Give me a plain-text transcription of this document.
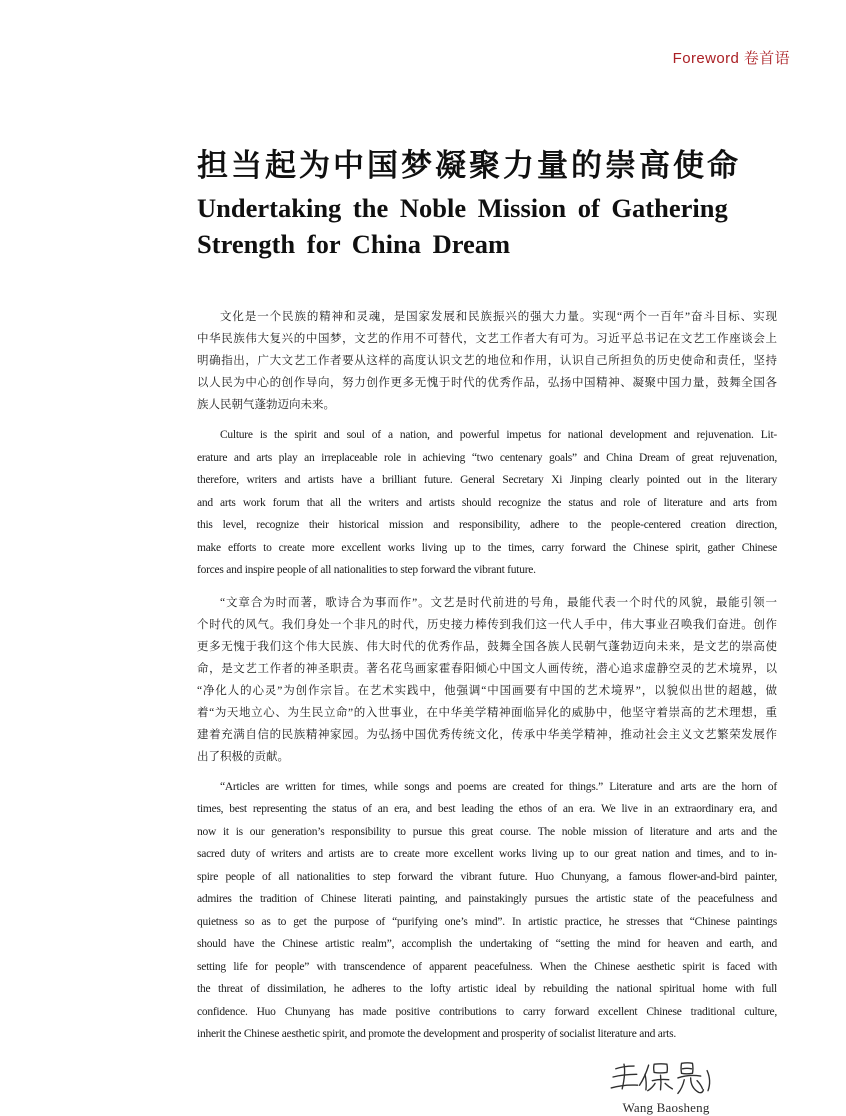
Foreword 卷首语
担当起为中国梦凝聚力量的崇高使命
Undertaking the Noble Mission of Gathering
Strength for China Dream
文化是一个民族的精神和灵魂，是国家发展和民族振兴的强大力量。实现“两个一百年”奋斗目标、实现
中华民族伟大复兴的中国梦，文艺的作用不可替代，文艺工作者大有可为。习近平总书记在文艺工作座谈会上
明确指出，广大文艺工作者要从这样的高度认识文艺的地位和作用，认识自己所担负的历史使命和责任，坚持
以人民为中心的创作导向，努力创作更多无愧于时代的优秀作品，弘扬中国精神、凝聚中国力量，鼓舞全国各
族人民朝气蓬勃迈向未来。
Culture is the spirit and soul of a nation, and powerful impetus for national development and rejuvenation. Lit-
erature and arts play an irreplaceable role in achieving “two centenary goals” and China Dream of great rejuvenation,
therefore, writers and artists have a brilliant future. General Secretary Xi Jinping clearly pointed out in the literary
and arts work forum that all the writers and artists should recognize the status and role of literature and arts from
this level, recognize their historical mission and responsibility, adhere to the people-centered creation direction,
make efforts to create more excellent works living up to the times, carry forward the Chinese spirit, gather Chinese
forces and inspire people of all nationalities to step forward the vibrant future.
“文章合为时而著，歌诗合为事而作”。文艺是时代前进的号角，最能代表一个时代的风貌，最能引领一
个时代的风气。我们身处一个非凡的时代，历史接力棒传到我们这一代人手中，伟大事业召唤我们奋进。创作
更多无愧于我们这个伟大民族、伟大时代的优秀作品，鼓舞全国各族人民朝气蓬勃迈向未来，是文艺的崇高使
命，是文艺工作者的神圣职责。著名花鸟画家霍春阳倾心中国文人画传统，潜心追求虚静空灵的艺术境界，以
“净化人的心灵”为创作宗旨。在艺术实践中，他强调“中国画要有中国的艺术境界”，以貌似出世的超越，做
着“为天地立心、为生民立命”的入世事业，在中华美学精神面临异化的威胁中，他坚守着崇高的艺术理想，重
建着充满自信的民族精神家园。为弘扬中国优秀传统文化，传承中华美学精神，推动社会主义文艺繁荣发展作
出了积极的贡献。
“Articles are written for times, while songs and poems are created for things.” Literature and arts are the horn of
times, best representing the status of an era, and best leading the ethos of an era. We live in an extraordinary era, and
now it is our generation’s responsibility to pursue this great course. The noble mission of literature and arts and the
sacred duty of writers and artists are to create more excellent works living up to our great nation and times, and to in-
spire people of all nationalities to step forward the vibrant future. Huo Chunyang, a famous flower-and-bird painter,
admires the tradition of Chinese literati painting, and painstakingly pursues the artistic state of the peacefulness and
quietness so as to get the purpose of “purifying one’s mind”. In artistic practice, he stresses that “Chinese paintings
should have the Chinese artistic realm”, accomplish the undertaking of “setting the mind for heaven and earth, and
setting life for people” with transcendence of apparent peacefulness. When the Chinese aesthetic spirit is faced with
the threat of dissimilation, he adheres to the lofty artistic ideal by rebuilding the national spiritual home with full
confidence. Huo Chunyang has made positive contributions to carry forward excellent Chinese traditional culture,
inherit the Chinese aesthetic spirit, and promote the development and prosperity of socialist literature and arts.
Wang Baosheng
